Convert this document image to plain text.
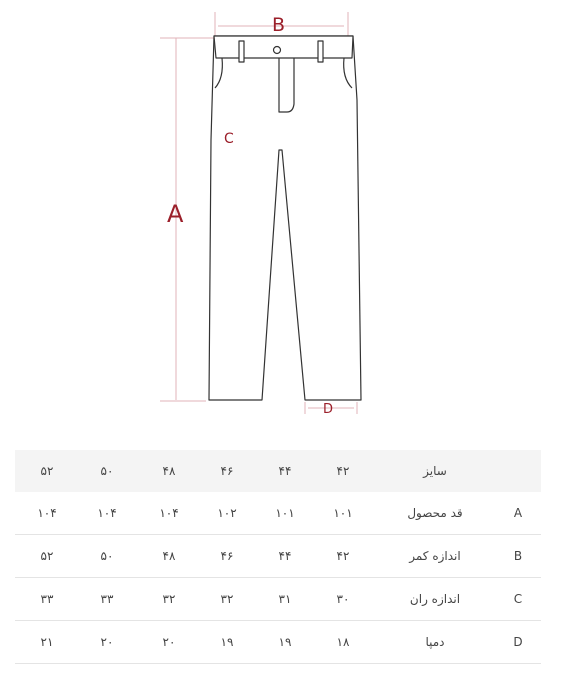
B
A
C
D
سایز
۴۲
۴۴
۴۶
۴۸
۵۰
۵۲
A
قد محصول
۱۰۱
۱۰۱
۱۰۲
۱۰۴
۱۰۴
۱۰۴
B
اندازه کمر
۴۲
۴۴
۴۶
۴۸
۵۰
۵۲
C
اندازه ران
۳۰
۳۱
۳۲
۳۲
۳۳
۳۳
D
دمپا
۱۸
۱۹
۱۹
۲۰
۲۰
۲۱
